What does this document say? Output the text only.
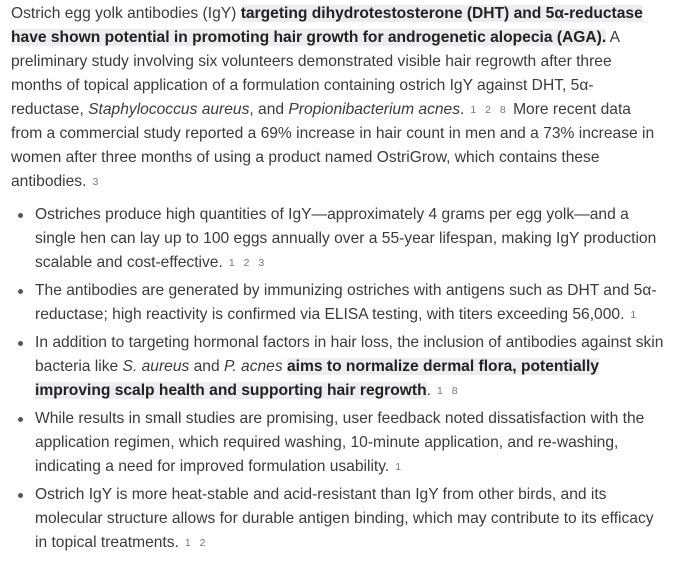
Ostrich egg yolk antibodies (IgY) targeting dihydrotestosterone (DHT) and 5α-reductase have shown potential in promoting hair growth for androgenetic alopecia (AGA). A preliminary study involving six volunteers demonstrated visible hair regrowth after three months of topical application of a formulation containing ostrich IgY against DHT, 5α-reductase, Staphylococcus aureus, and Propionibacterium acnes. 1 2 8 More recent data from a commercial study reported a 69% increase in hair count in men and a 73% increase in women after three months of using a product named OstriGrow, which contains these antibodies. 3

Ostriches produce high quantities of IgY—approximately 4 grams per egg yolk—and a single hen can lay up to 100 eggs annually over a 55-year lifespan, making IgY production scalable and cost-effective. 1 2 3
The antibodies are generated by immunizing ostriches with antigens such as DHT and 5α-reductase; high reactivity is confirmed via ELISA testing, with titers exceeding 56,000. 1
In addition to targeting hormonal factors in hair loss, the inclusion of antibodies against skin bacteria like S. aureus and P. acnes aims to normalize dermal flora, potentially improving scalp health and supporting hair regrowth. 1 8
While results in small studies are promising, user feedback noted dissatisfaction with the application regimen, which required washing, 10-minute application, and re-washing, indicating a need for improved formulation usability. 1
Ostrich IgY is more heat-stable and acid-resistant than IgY from other birds, and its molecular structure allows for durable antigen binding, which may contribute to its efficacy in topical treatments. 1 2
